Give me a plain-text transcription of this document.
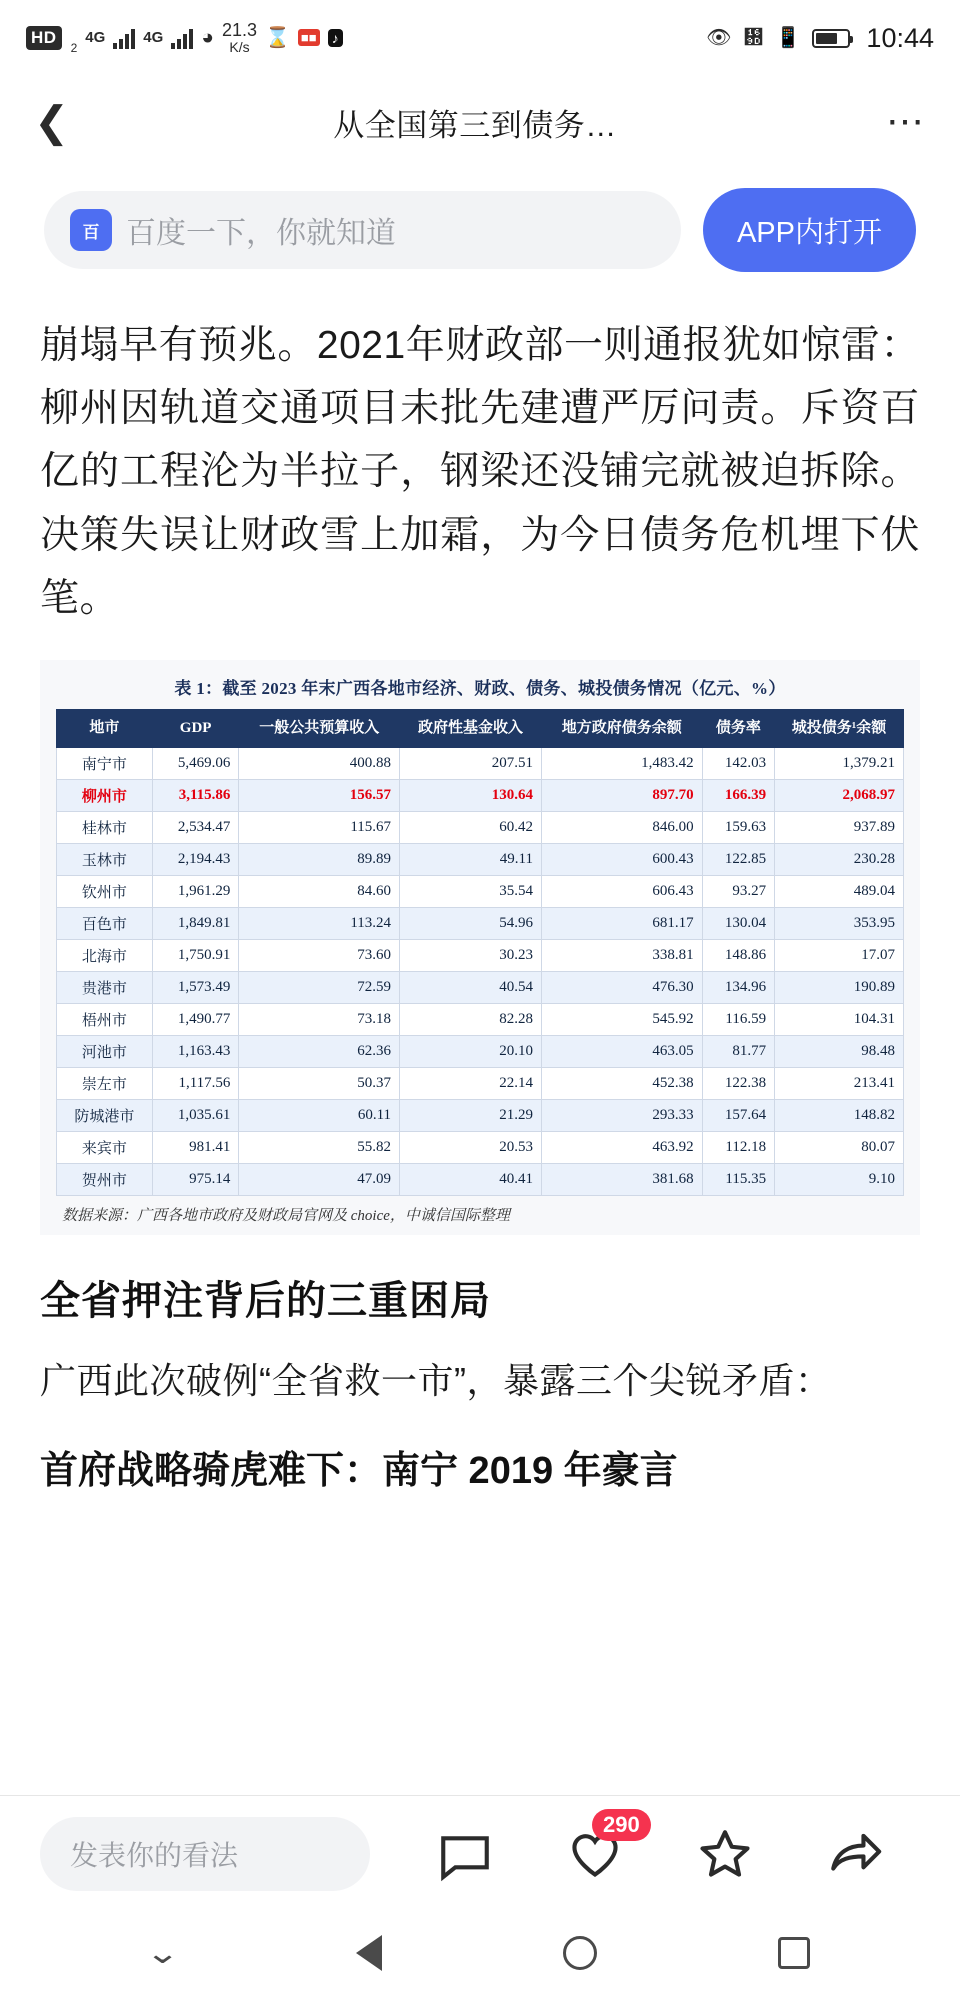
HD
2
4G	4G ◕ 21.3
K/s ⌛ ■■ ♪	👁 ᚝ 📱 10:44
❮	从全国第三到债务…	⋯
百 百度一下，你就知道	APP内打开

崩塌早有预兆。2021年财政部一则通报犹如惊雷：柳州因轨道交通项目未批先建遭严厉问责。斥资百亿的工程沦为半拉子，钢梁还没铺完就被迫拆除。决策失误让财政雪上加霜，为今日债务危机埋下伏笔。

表 1：截至 2023 年末广西各地市经济、财政、债务、城投债务情况（亿元、%）
地市	GDP	一般公共预算收入	政府性基金收入	地方政府债务余额	债务率	城投债务¹余额
南宁市	5,469.06	400.88	207.51	1,483.42	142.03	1,379.21
柳州市	3,115.86	156.57	130.64	897.70	166.39	2,068.97
桂林市	2,534.47	115.67	60.42	846.00	159.63	937.89
玉林市	2,194.43	89.89	49.11	600.43	122.85	230.28
钦州市	1,961.29	84.60	35.54	606.43	93.27	489.04
百色市	1,849.81	113.24	54.96	681.17	130.04	353.95
北海市	1,750.91	73.60	30.23	338.81	148.86	17.07
贵港市	1,573.49	72.59	40.54	476.30	134.96	190.89
梧州市	1,490.77	73.18	82.28	545.92	116.59	104.31
河池市	1,163.43	62.36	20.10	463.05	81.77	98.48
崇左市	1,117.56	50.37	22.14	452.38	122.38	213.41
防城港市	1,035.61	60.11	21.29	293.33	157.64	148.82
来宾市	981.41	55.82	20.53	463.92	112.18	80.07
贺州市	975.14	47.09	40.41	381.68	115.35	9.10
数据来源：广西各地市政府及财政局官网及 choice，中诚信国际整理
全省押注背后的三重困局

广西此次破例“全省救一市”，暴露三个尖锐矛盾：

首府战略骑虎难下：南宁 2019 年豪言
发表你的看法
290
⌄
